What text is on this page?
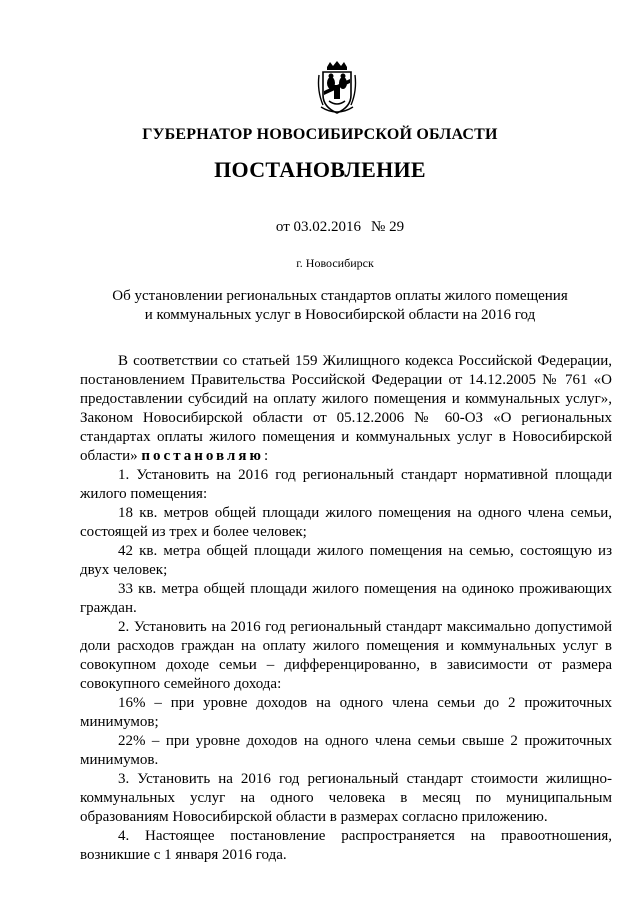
ГУБЕРНАТОР НОВОСИБИРСКОЙ ОБЛАСТИ
ПОСТАНОВЛЕНИЕ
от 03.02.2016 № 29
г. Новосибирск
Об установлении региональных стандартов оплаты жилого помещения
и коммунальных услуг в Новосибирской области на 2016 год

В соответствии со статьей 159 Жилищного кодекса Российской Федерации, постановлением Правительства Российской Федерации от 14.12.2005 № 761 «О предоставлении субсидий на оплату жилого помещения и коммунальных услуг», Законом Новосибирской области от 05.12.2006 № 60-ОЗ «О региональных стандартах оплаты жилого помещения и коммунальных услуг в Новосибирской области» постановляю:

1. Установить на 2016 год региональный стандарт нормативной площади жилого помещения:

18 кв. метров общей площади жилого помещения на одного члена семьи, состоящей из трех и более человек;

42 кв. метра общей площади жилого помещения на семью, состоящую из двух человек;

33 кв. метра общей площади жилого помещения на одиноко проживающих граждан.

2. Установить на 2016 год региональный стандарт максимально допустимой доли расходов граждан на оплату жилого помещения и коммунальных услуг в совокупном доходе семьи – дифференцированно, в зависимости от размера совокупного семейного дохода:

16% – при уровне доходов на одного члена семьи до 2 прожиточных минимумов;

22% – при уровне доходов на одного члена семьи свыше 2 прожиточных минимумов.

3. Установить на 2016 год региональный стандарт стоимости жилищно-коммунальных услуг на одного человека в месяц по муниципальным образованиям Новосибирской области в размерах согласно приложению.

4. Настоящее постановление распространяется на правоотношения, возникшие с 1 января 2016 года.
